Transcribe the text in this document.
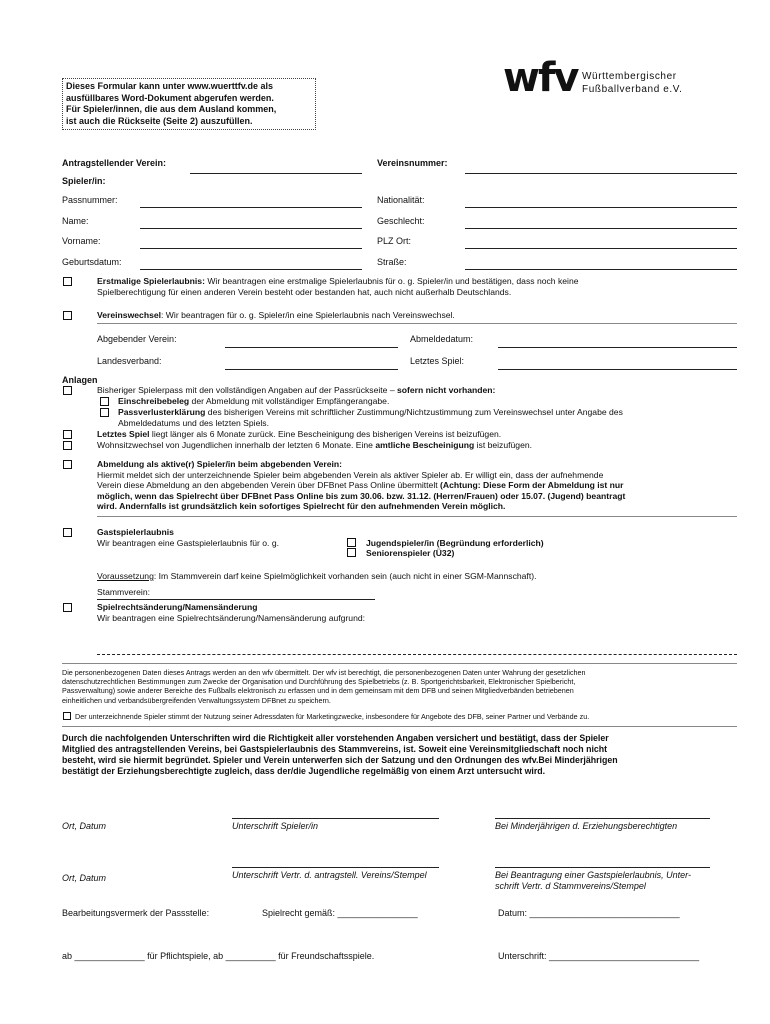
Dieses Formular kann unter www.wuerttfv.de als
ausfüllbares Word-Dokument abgerufen werden.
Für Spieler/innen, die aus dem Ausland kommen,
ist auch die Rückseite (Seite 2) auszufüllen.
wfv Württembergischer
Fußballverband e.V.
Antragstellender Verein:	Vereinsnummer:
Spieler/in:
Passnummer:	Nationalität:
Name:	Geschlecht:
Vorname:	PLZ Ort:
Geburtsdatum:	Straße:
Erstmalige Spielerlaubnis: Wir beantragen eine erstmalige Spielerlaubnis für o. g. Spieler/in und bestätigen, dass noch keine
Spielberechtigung für einen anderen Verein besteht oder bestanden hat, auch nicht außerhalb Deutschlands.
Vereinswechsel: Wir beantragen für o. g. Spieler/in eine Spielerlaubnis nach Vereinswechsel.
Abgebender Verein:	Abmeldedatum:
Landesverband:	Letztes Spiel:
Anlagen
Bisheriger Spielerpass mit den vollständigen Angaben auf der Passrückseite – sofern nicht vorhanden:
Einschreibebeleg der Abmeldung mit vollständiger Empfängerangabe.
Passverlusterklärung des bisherigen Vereins mit schriftlicher Zustimmung/Nichtzustimmung zum Vereinswechsel unter Angabe des
Abmeldedatums und des letzten Spiels.
Letztes Spiel liegt länger als 6 Monate zurück. Eine Bescheinigung des bisherigen Vereins ist beizufügen.
Wohnsitzwechsel von Jugendlichen innerhalb der letzten 6 Monate. Eine amtliche Bescheinigung ist beizufügen.
Abmeldung als aktive(r) Spieler/in beim abgebenden Verein:
Hiermit meldet sich der unterzeichnende Spieler beim abgebenden Verein als aktiver Spieler ab. Er willigt ein, dass der aufnehmende
Verein diese Abmeldung an den abgebenden Verein über DFBnet Pass Online übermittelt (Achtung: Diese Form der Abmeldung ist nur
möglich, wenn das Spielrecht über DFBnet Pass Online bis zum 30.06. bzw. 31.12. (Herren/Frauen) oder 15.07. (Jugend) beantragt
wird. Andernfalls ist grundsätzlich kein sofortiges Spielrecht für den aufnehmenden Verein möglich.
Gastspielerlaubnis
Wir beantragen eine Gastspielerlaubnis für o. g.	Jugendspieler/in (Begründung erforderlich)
Seniorenspieler (Ü32)
Voraussetzung: Im Stammverein darf keine Spielmöglichkeit vorhanden sein (auch nicht in einer SGM-Mannschaft).
Stammverein:
Spielrechtsänderung/Namensänderung
Wir beantragen eine Spielrechtsänderung/Namensänderung aufgrund:
Die personenbezogenen Daten dieses Antrags werden an den wfv übermittelt. Der wfv ist berechtigt, die personenbezogenen Daten unter Wahrung der gesetzlichen
datenschutzrechtlichen Bestimmungen zum Zwecke der Organisation und Durchführung des Spielbetriebs (z. B. Sportgerichtsbarkeit, Elektronischer Spielbericht,
Passverwaltung) sowie anderer Bereiche des Fußballs elektronisch zu erfassen und in dem gemeinsam mit dem DFB und seinen Mitgliedverbänden betriebenen
einheitlichen und verbandsübergreifenden Verwaltungssystem DFBnet zu speichern.
Der unterzeichnende Spieler stimmt der Nutzung seiner Adressdaten für Marketingzwecke, insbesondere für Angebote des DFB, seiner Partner und Verbände zu.
Durch die nachfolgenden Unterschriften wird die Richtigkeit aller vorstehenden Angaben versichert und bestätigt, dass der Spieler
Mitglied des antragstellenden Vereins, bei Gastspielerlaubnis des Stammvereins, ist. Soweit eine Vereinsmitgliedschaft noch nicht
besteht, wird sie hiermit begründet. Spieler und Verein unterwerfen sich der Satzung und den Ordnungen des wfv.Bei Minderjährigen
bestätigt der Erziehungsberechtigte zugleich, dass der/die Jugendliche regelmäßig von einem Arzt untersucht wird.
Ort, Datum	Unterschrift Spieler/in	Bei Minderjährigen d. Erziehungsberechtigten
Ort, Datum	Unterschrift Vertr. d. antragstell. Vereins/Stempel	Bei Beantragung einer Gastspielerlaubnis, Unter-
schrift Vertr. d Stammvereins/Stempel
Bearbeitungsvermerk der Passstelle:	Spielrecht gemäß: ________________	Datum: ______________________________
ab ______________ für Pflichtspiele, ab __________ für Freundschaftsspiele.	Unterschrift: ______________________________
